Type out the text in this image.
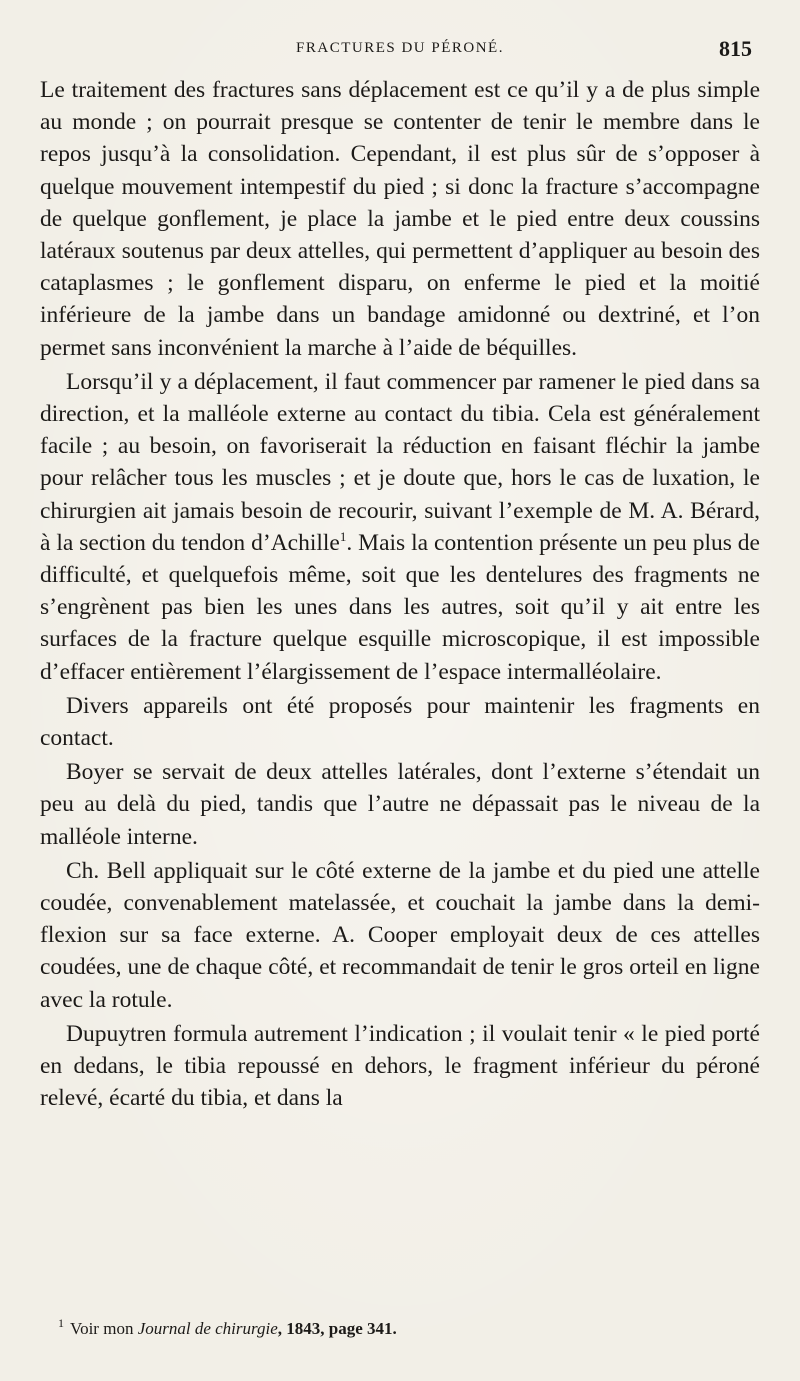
FRACTURES DU PÉRONÉ.	815

Le traitement des fractures sans déplacement est ce qu’il y a de plus simple au monde ; on pourrait presque se contenter de tenir le membre dans le repos jusqu’à la consolidation. Cependant, il est plus sûr de s’opposer à quelque mouvement intempestif du pied ; si donc la fracture s’accompagne de quelque gonflement, je place la jambe et le pied entre deux coussins latéraux soutenus par deux attelles, qui permettent d’appliquer au besoin des cataplasmes ; le gonflement disparu, on enferme le pied et la moitié inférieure de la jambe dans un bandage amidonné ou dextriné, et l’on permet sans inconvénient la marche à l’aide de béquilles.

Lorsqu’il y a déplacement, il faut commencer par ramener le pied dans sa direction, et la malléole externe au contact du tibia. Cela est généralement facile ; au besoin, on favoriserait la réduction en faisant fléchir la jambe pour relâcher tous les muscles ; et je doute que, hors le cas de luxation, le chirurgien ait jamais besoin de recourir, suivant l’exemple de M. A. Bérard, à la section du tendon d’Achille$^1$. Mais la contention présente un peu plus de difficulté, et quelquefois même, soit que les dentelures des fragments ne s’engrènent pas bien les unes dans les autres, soit qu’il y ait entre les surfaces de la fracture quelque esquille microscopique, il est impossible d’effacer entièrement l’élargissement de l’espace intermalléolaire.

Divers appareils ont été proposés pour maintenir les fragments en contact.

Boyer se servait de deux attelles latérales, dont l’externe s’étendait un peu au delà du pied, tandis que l’autre ne dépassait pas le niveau de la malléole interne.

Ch. Bell appliquait sur le côté externe de la jambe et du pied une attelle coudée, convenablement matelassée, et couchait la jambe dans la demi-flexion sur sa face externe. A. Cooper employait deux de ces attelles coudées, une de chaque côté, et recommandait de tenir le gros orteil en ligne avec la rotule.

Dupuytren formula autrement l’indication ; il voulait tenir « le pied porté en dedans, le tibia repoussé en dehors, le fragment inférieur du péroné relevé, écarté du tibia, et dans la

$^1$ Voir mon Journal de chirurgie, 1843, page 341.
